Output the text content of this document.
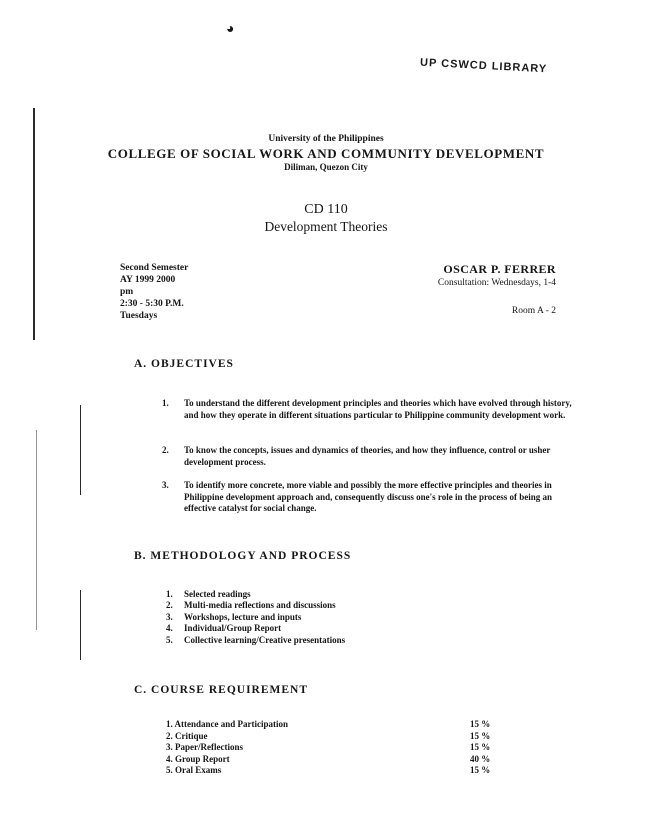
◕
UP CSWCD LIBRARY
University of the Philippines
COLLEGE OF SOCIAL WORK AND COMMUNITY DEVELOPMENT
Diliman, Quezon City
CD 110
Development Theories
Second Semester
AY 1999 2000
pm
2:30 - 5:30 P.M.
Tuesdays
OSCAR P. FERRER
Consultation: Wednesdays, 1-4
Room A - 2
A. OBJECTIVES
1. To understand the different development principles and theories which have evolved through history, and how they operate in different situations particular to Philippine community development work.
2. To know the concepts, issues and dynamics of theories, and how they influence, control or usher development process.
3. To identify more concrete, more viable and possibly the more effective principles and theories in Philippine development approach and, consequently discuss one's role in the process of being an effective catalyst for social change.
B. METHODOLOGY AND PROCESS
1.	Selected readings
2.	Multi-media reflections and discussions
3.	Workshops, lecture and inputs
4.	Individual/Group Report
5.	Collective learning/Creative presentations
C. COURSE REQUIREMENT
1. Attendance and Participation	15 %
2. Critique	15 %
3. Paper/Reflections	15 %
4. Group Report	40 %
5. Oral Exams	15 %
